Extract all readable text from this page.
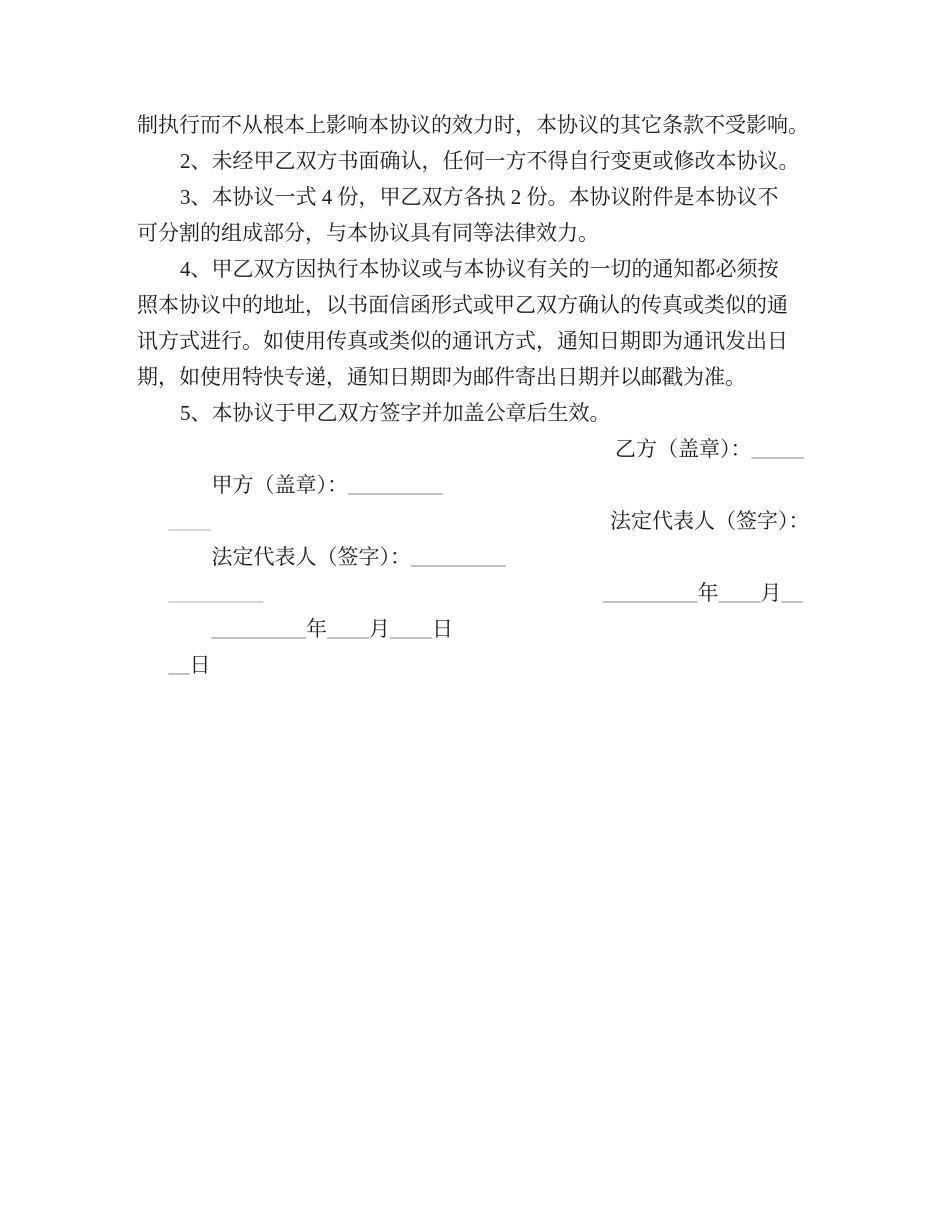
制执行而不从根本上影响本协议的效力时，本协议的其它条款不受影响。
2、未经甲乙双方书面确认，任何一方不得自行变更或修改本协议。
3、本协议一式 4 份，甲乙双方各执 2 份。本协议附件是本协议不
可分割的组成部分，与本协议具有同等法律效力。
4、甲乙双方因执行本协议或与本协议有关的一切的通知都必须按
照本协议中的地址，以书面信函形式或甲乙双方确认的传真或类似的通
讯方式进行。如使用传真或类似的通讯方式，通知日期即为通讯发出日
期，如使用特快专递，通知日期即为邮件寄出日期并以邮戳为准。
5、本协议于甲乙双方签字并加盖公章后生效。

甲方（盖章）：_________

乙方（盖章）：_____

____

法定代表人（签字）：_________

法定代表人（签字）：

_________

_________年____月____日

_________年____月__

__日
